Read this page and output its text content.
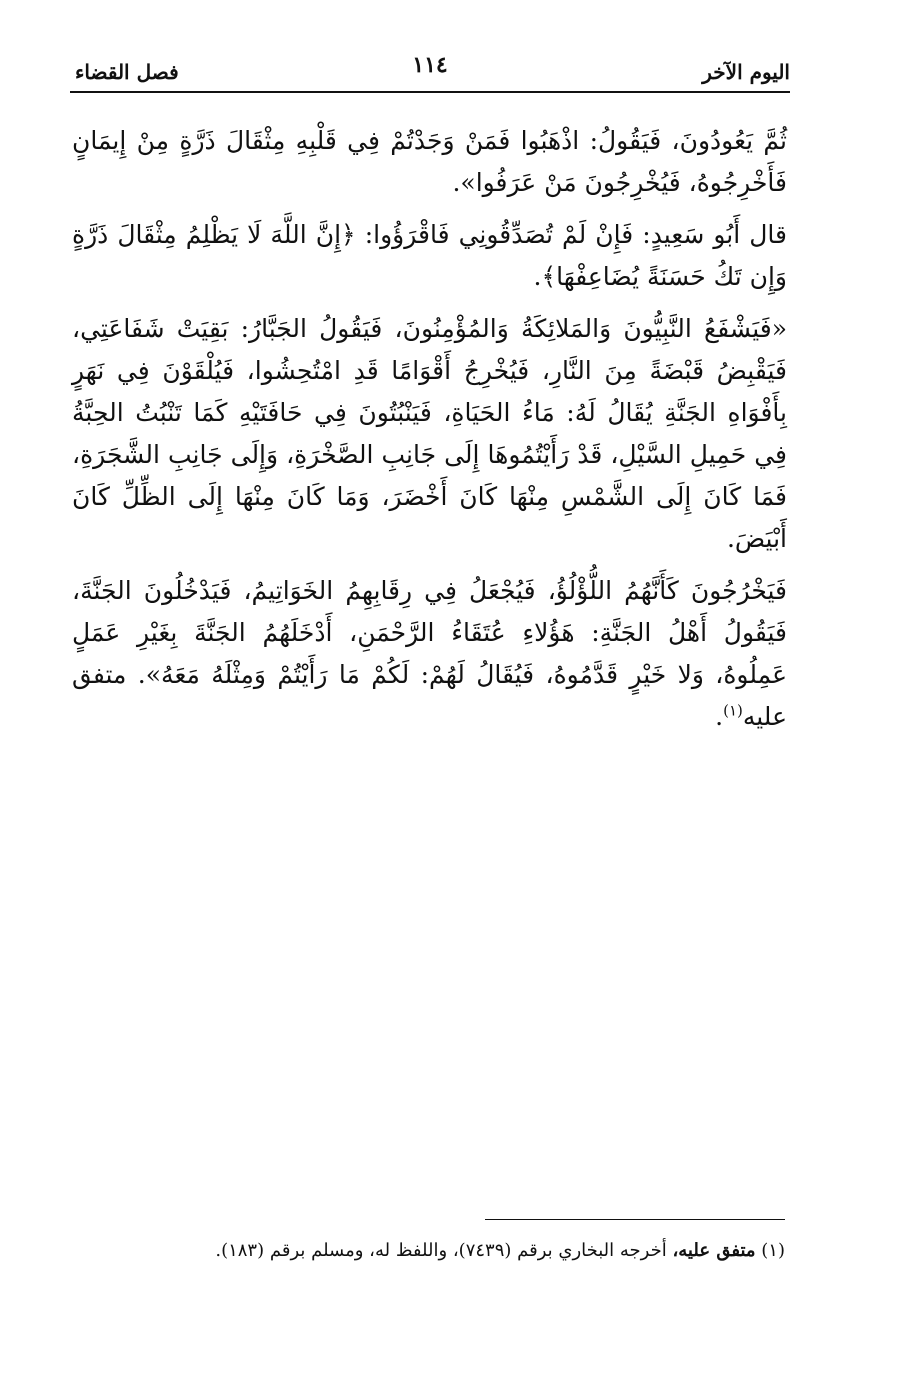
اليوم الآخر
١١٤
فصل القضاء

ثُمَّ يَعُودُونَ، فَيَقُولُ: اذْهَبُوا فَمَنْ وَجَدْتُمْ فِي قَلْبِهِ مِثْقَالَ ذَرَّةٍ مِنْ إِيمَانٍ فَأَخْرِجُوهُ، فَيُخْرِجُونَ مَنْ عَرَفُوا».

قال أَبُو سَعِيدٍ: فَإِنْ لَمْ تُصَدِّقُونِي فَاقْرَؤُوا: ﴿إِنَّ اللَّهَ لَا يَظْلِمُ مِثْقَالَ ذَرَّةٍ وَإِن تَكُ حَسَنَةً يُضَاعِفْهَا﴾.

«فَيَشْفَعُ النَّبِيُّونَ وَالمَلائِكَةُ وَالمُؤْمِنُونَ، فَيَقُولُ الجَبَّارُ: بَقِيَتْ شَفَاعَتِي، فَيَقْبِضُ قَبْضَةً مِنَ النَّارِ، فَيُخْرِجُ أَقْوَامًا قَدِ امْتُحِشُوا، فَيُلْقَوْنَ فِي نَهَرٍ بِأَفْوَاهِ الجَنَّةِ يُقَالُ لَهُ: مَاءُ الحَيَاةِ، فَيَنْبُتُونَ فِي حَافَتَيْهِ كَمَا تَنْبُتُ الحِبَّةُ فِي حَمِيلِ السَّيْلِ، قَدْ رَأَيْتُمُوهَا إِلَى جَانِبِ الصَّخْرَةِ، وَإِلَى جَانِبِ الشَّجَرَةِ، فَمَا كَانَ إِلَى الشَّمْسِ مِنْهَا كَانَ أَخْضَرَ، وَمَا كَانَ مِنْهَا إِلَى الظِّلِّ كَانَ أَبْيَضَ.

فَيَخْرُجُونَ كَأَنَّهُمُ اللُّؤْلُؤُ، فَيُجْعَلُ فِي رِقَابِهِمُ الخَوَاتِيمُ، فَيَدْخُلُونَ الجَنَّةَ، فَيَقُولُ أَهْلُ الجَنَّةِ: هَؤُلاءِ عُتَقَاءُ الرَّحْمَنِ، أَدْخَلَهُمُ الجَنَّةَ بِغَيْرِ عَمَلٍ عَمِلُوهُ، وَلا خَيْرٍ قَدَّمُوهُ، فَيُقَالُ لَهُمْ: لَكُمْ مَا رَأَيْتُمْ وَمِثْلَهُ مَعَهُ». متفق عليه$^{(١)}$.

(١) متفق عليه، أخرجه البخاري برقم (٧٤٣٩)، واللفظ له، ومسلم برقم (١٨٣).
